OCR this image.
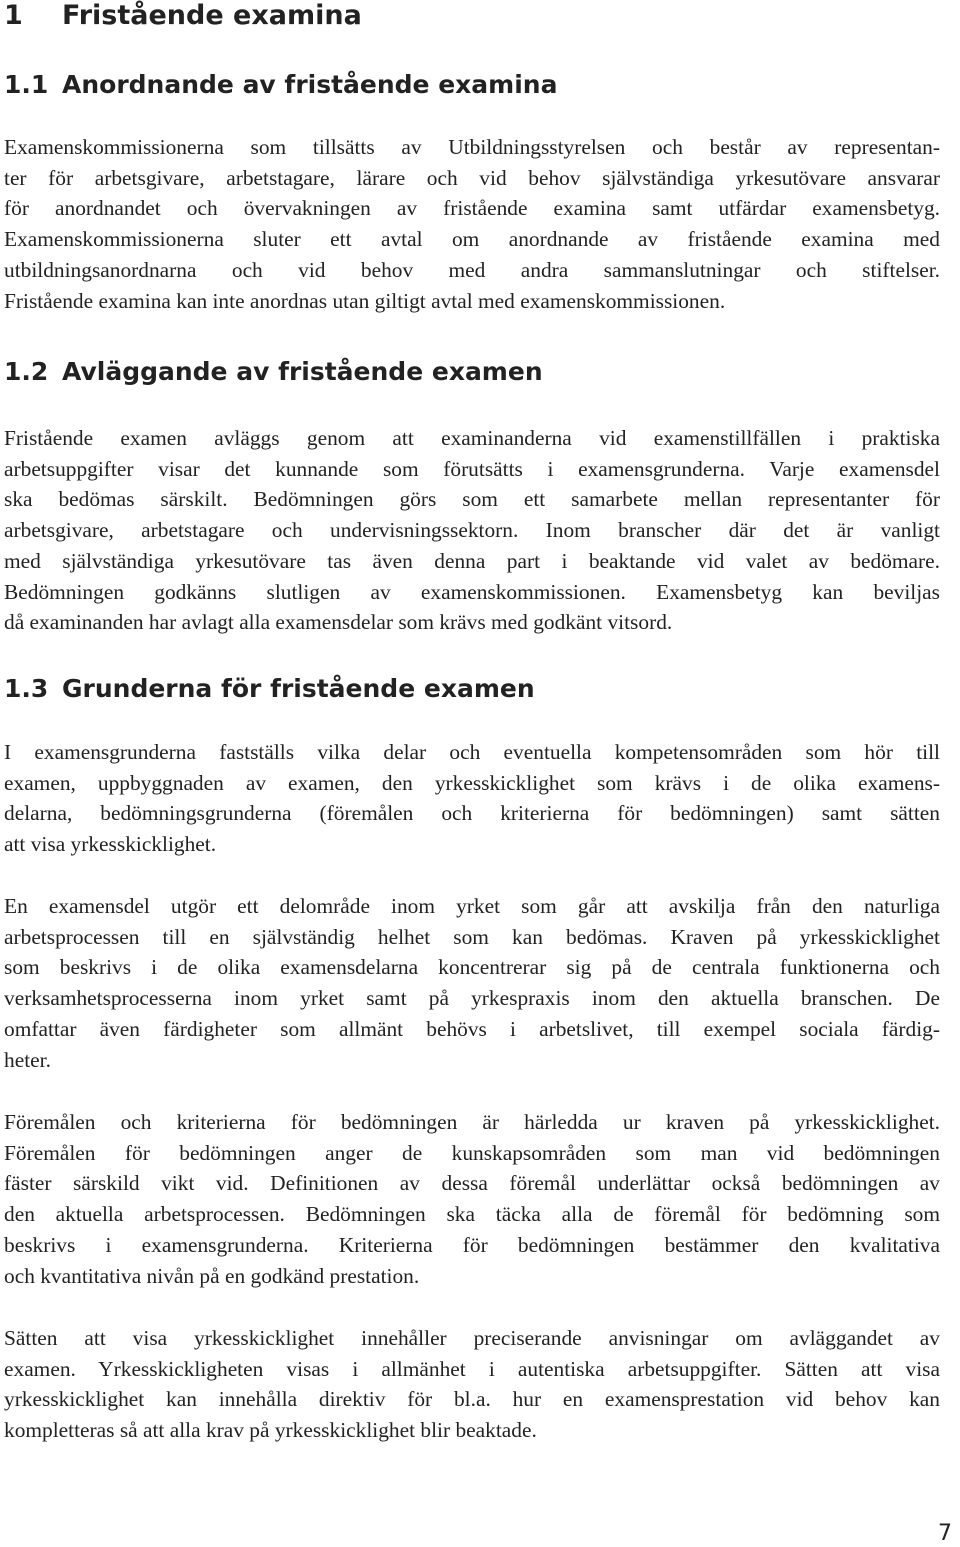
1 Fristående examina
1.1 Anordnande av fristående examina

Examenskommissionerna som tillsätts av Utbildningsstyrelsen och består av representan-
ter för arbetsgivare, arbetstagare, lärare och vid behov självständiga yrkesutövare ansvarar
för anordnandet och övervakningen av fristående examina samt utfärdar examensbetyg.
Examenskommissionerna sluter ett avtal om anordnande av fristående examina med
utbildningsanordnarna och vid behov med andra sammanslutningar och stiftelser.
Fristående examina kan inte anordnas utan giltigt avtal med examenskommissionen.

1.2 Avläggande av fristående examen

Fristående examen avläggs genom att examinanderna vid examenstillfällen i praktiska
arbetsuppgifter visar det kunnande som förutsätts i examensgrunderna. Varje examensdel
ska bedömas särskilt. Bedömningen görs som ett samarbete mellan representanter för
arbetsgivare, arbetstagare och undervisningssektorn. Inom branscher där det är vanligt
med självständiga yrkesutövare tas även denna part i beaktande vid valet av bedömare.
Bedömningen godkänns slutligen av examenskommissionen. Examensbetyg kan beviljas
då examinanden har avlagt alla examensdelar som krävs med godkänt vitsord.

1.3 Grunderna för fristående examen

I examensgrunderna fastställs vilka delar och eventuella kompetensområden som hör till
examen, uppbyggnaden av examen, den yrkesskicklighet som krävs i de olika examens-
delarna, bedömningsgrunderna (föremålen och kriterierna för bedömningen) samt sätten
att visa yrkesskicklighet.

En examensdel utgör ett delområde inom yrket som går att avskilja från den naturliga
arbetsprocessen till en självständig helhet som kan bedömas. Kraven på yrkesskicklighet
som beskrivs i de olika examensdelarna koncentrerar sig på de centrala funktionerna och
verksamhetsprocesserna inom yrket samt på yrkespraxis inom den aktuella branschen. De
omfattar även färdigheter som allmänt behövs i arbetslivet, till exempel sociala färdig-
heter.

Föremålen och kriterierna för bedömningen är härledda ur kraven på yrkesskicklighet.
Föremålen för bedömningen anger de kunskapsområden som man vid bedömningen
fäster särskild vikt vid. Definitionen av dessa föremål underlättar också bedömningen av
den aktuella arbetsprocessen. Bedömningen ska täcka alla de föremål för bedömning som
beskrivs i examensgrunderna. Kriterierna för bedömningen bestämmer den kvalitativa
och kvantitativa nivån på en godkänd prestation.

Sätten att visa yrkesskicklighet innehåller preciserande anvisningar om avläggandet av
examen. Yrkesskickligheten visas i allmänhet i autentiska arbetsuppgifter. Sätten att visa
yrkesskicklighet kan innehålla direktiv för bl.a. hur en examensprestation vid behov kan
kompletteras så att alla krav på yrkesskicklighet blir beaktade.

7
